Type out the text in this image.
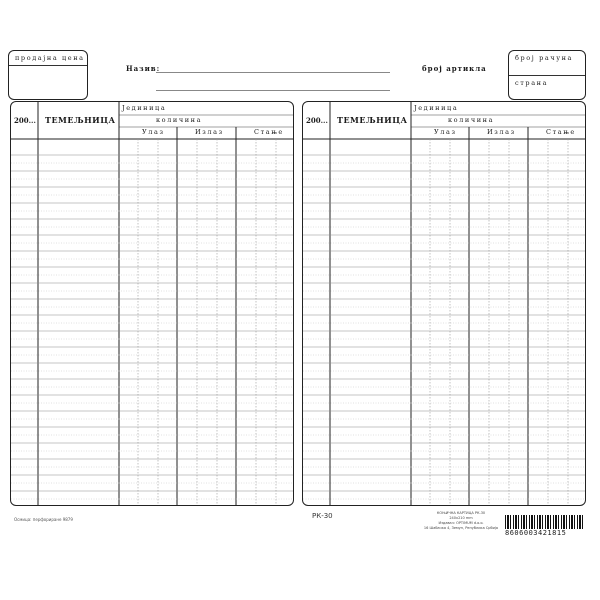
продајна цена
Назив:	број артикла
број рачуна
страна
200... ТЕМЕЉНИЦА
Јединица
количина
Улаз	Излаз	Стање
200... ТЕМЕЉНИЦА
Јединица
количина
Улаз	Излаз	Стање
Осмица: перфориране 9879	РК-30	КОЊИЧНА КАРТИЦА РК-30
240х210 mm
Издавач: OPTIMUM d.o.o.
16 Шабачка 4, Земун, Република Србија
8606003421815
